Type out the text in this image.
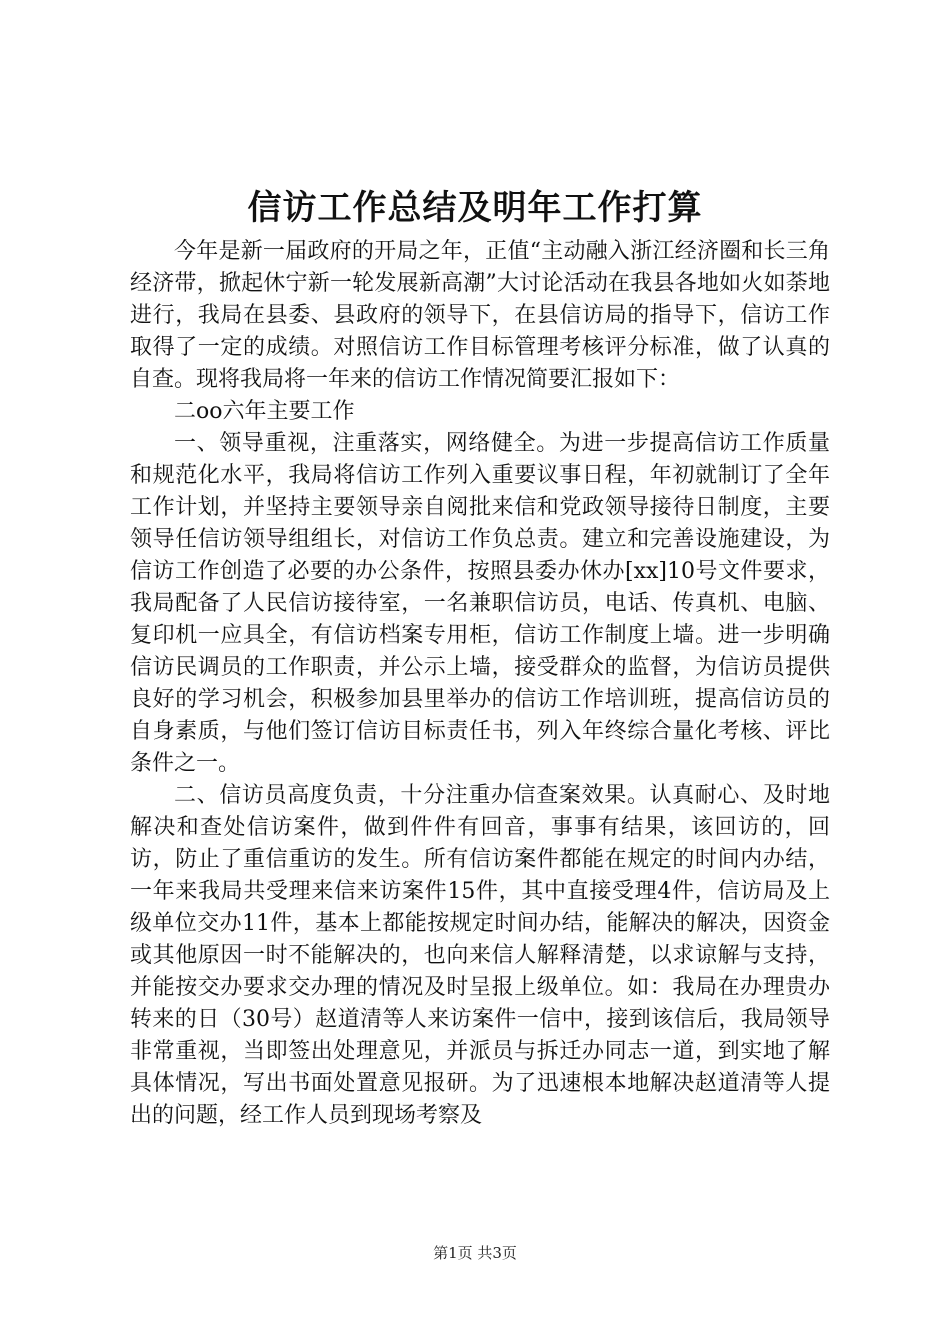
信访工作总结及明年工作打算

今年是新一届政府的开局之年，正值“主动融入浙江经济圈和长三角经济带，掀起休宁新一轮发展新高潮”大讨论活动在我县各地如火如荼地进行，我局在县委、县政府的领导下，在县信访局的指导下，信访工作取得了一定的成绩。对照信访工作目标管理考核评分标准，做了认真的自查。现将我局将一年来的信访工作情况简要汇报如下：

二oo六年主要工作

一、领导重视，注重落实，网络健全。为进一步提高信访工作质量和规范化水平，我局将信访工作列入重要议事日程，年初就制订了全年工作计划，并坚持主要领导亲自阅批来信和党政领导接待日制度，主要领导任信访领导组组长，对信访工作负总责。建立和完善设施建设，为信访工作创造了必要的办公条件，按照县委办休办[xx]10号文件要求，我局配备了人民信访接待室，一名兼职信访员，电话、传真机、电脑、复印机一应具全，有信访档案专用柜，信访工作制度上墙。进一步明确信访民调员的工作职责，并公示上墙，接受群众的监督，为信访员提供良好的学习机会，积极参加县里举办的信访工作培训班，提高信访员的自身素质，与他们签订信访目标责任书，列入年终综合量化考核、评比条件之一。

二、信访员高度负责，十分注重办信查案效果。认真耐心、及时地解决和查处信访案件，做到件件有回音，事事有结果，该回访的，回访，防止了重信重访的发生。所有信访案件都能在规定的时间内办结，一年来我局共受理来信来访案件15件，其中直接受理4件，信访局及上级单位交办11件，基本上都能按规定时间办结，能解决的解决，因资金或其他原因一时不能解决的，也向来信人解释清楚，以求谅解与支持，并能按交办要求交办理的情况及时呈报上级单位。如：我局在办理贵办转来的日（30号）赵道清等人来访案件一信中，接到该信后，我局领导非常重视，当即签出处理意见，并派员与拆迁办同志一道，到实地了解具体情况，写出书面处置意见报研。为了迅速根本地解决赵道清等人提出的问题，经工作人员到现场考察及

第1页 共3页
